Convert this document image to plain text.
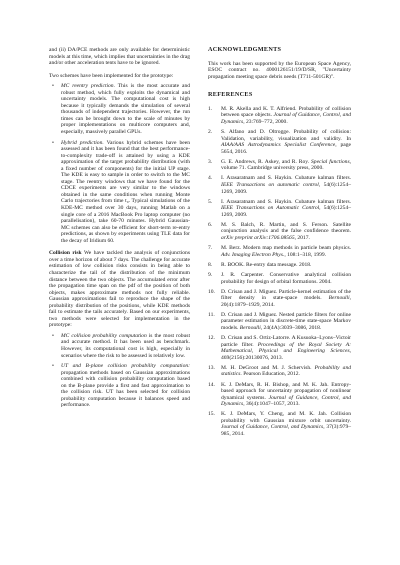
and (ii) DA/PCE methods are only available for deterministic models at this time, which implies that uncertainties in the drag and/or other acceleration tents have to be ignored.

Two schemes have been implemented for the prototype:

• MC reentry prediction. This is the most accurate and robust method, which fully exploits the dynamical and uncertainty models. The computational cost is high because it typically demands the simulation of several thousands of independent trajectories. However, the run times can be brought down to the scale of minutes by proper implementations on multicore computers and, especially, massively parallel GPUs.
• Hybrid prediction. Various hybrid schemes have been assessed and it has been found that the best performance-to-complexity trade-off is attained by using a KDE approximation of the target probability distribution (with a fixed number of components) for the initial UP stage. The KDE is easy to sample in order to switch to the MC stage. The reentry windows that we have found for the CDCE experiments are very similar to the windows obtained in the same conditions when running Monte Carlo trajectories from time t₀. Typical simulations of the KDE-MC method over 30 days, running Matlab on a single core of a 2016 MacBook Pro laptop computer (no parallelisation), take 60-70 minutes. Hybrid Gaussian-MC schemes can also be efficient for short-term re-entry predictions, as shown by experiments using TLE data for the decay of Iridium 60.

Collision risk We have tackled the analysis of conjunctions over a time horizon of about 7 days. The challenge for accurate estimation of low collision risks consists in being able to characterize the tail of the distribution of the minimum distance between the two objects. The accumulated error after the propagation time span on the pdf of the position of both objects, makes approximate methods not fully reliable. Gaussian approximations fail to reproduce the shape of the probability distribution of the positions, while KDE methods fail to estimate the tails accurately. Based on our experiments, two methods were selected for implementation in the prototype:

• MC collision probability computation is the most robust and accurate method. It has been used as benchmark. However, its computational cost is high, especially in scenarios where the risk to be assessed is relatively low.
• UT and B-plane collision probability computation: propagation methods based on Gaussian approximations combined with collision probability computation based on the B-plane provide a first and fast approximation to the collision risk. UT has been selected for collision probability computation because it balances speed and performance.
ACKNOWLEDGMENTS

This work has been supported by the European Space Agency, ESOC contract no. 4000126151/19/D/SR, "Uncertainty propagation meeting space debris needs (T711-501GR)".

REFERENCES
1. M. R. Akella and K. T. Alfriend. Probability of collision between space objects. Journal of Guidance, Control, and Dynamics, 23:769–772, 2000.
2. S. Alfano and D. Oltrogge. Probability of collision: Validation, variability, visualization and validity. In AIAA/AAS Astrodynamics Specialist Conference, page 5654, 2016.
3. G. E. Andrews, R. Askey, and R. Roy. Special functions, volume 71. Cambridge university press, 2000.
4. I. Arasaratnam and S. Haykin. Cubature kalman filters. IEEE Transactions on automatic control, 54(6):1254–1269, 2009.
5. I. Arasaratnam and S. Haykin. Cubature kalman filters. IEEE Transactions on Automatic Control, 54(6):1254–1269, 2009.
6. M. S. Balch, R. Martin, and S. Ferson. Satellite conjunction analysis and the false confidence theorem. arXiv preprint arXiv:1706.08565, 2017.
7. M. Berz. Modern map methods in particle beam physics. Adv. Imaging Electron Phys., 108:1–318, 1999.
8. R. BOOK. Re-entry data message. 2018.
9. J. R. Carpenter. Conservative analytical collision probability for design of orbital formations. 2004.
10. D. Crisan and J. Miguez. Particle-kernel estimation of the filter density in state-space models. Bernoulli, 20(4):1879–1929, 2014.
11. D. Crisan and J. Miguez. Nested particle filters for online parameter estimation in discrete-time state-space Markov models. Bernoulli, 24(4A):3039–3086, 2018.
12. D. Crisan and S. Ortiz-Latorre. A Kusuoka–Lyons–Victoir particle filter. Proceedings of the Royal Society A: Mathematical, Physical and Engineering Sciences, 469(2156):20130076, 2013.
13. M. H. DeGroot and M. J. Schervish. Probability and statistics. Pearson Education, 2012.
14. K. J. DeMars, R. H. Bishop, and M. K. Jah. Entropy-based approach for uncertainty propagation of nonlinear dynamical systems. Journal of Guidance, Control, and Dynamics, 36(4):1047–1057, 2013.
15. K. J. DeMars, Y. Cheng, and M. K. Jah. Collision probability with Gaussian mixture orbit uncertainty. Journal of Guidance, Control, and Dynamics, 37(3):979–985, 2014.
